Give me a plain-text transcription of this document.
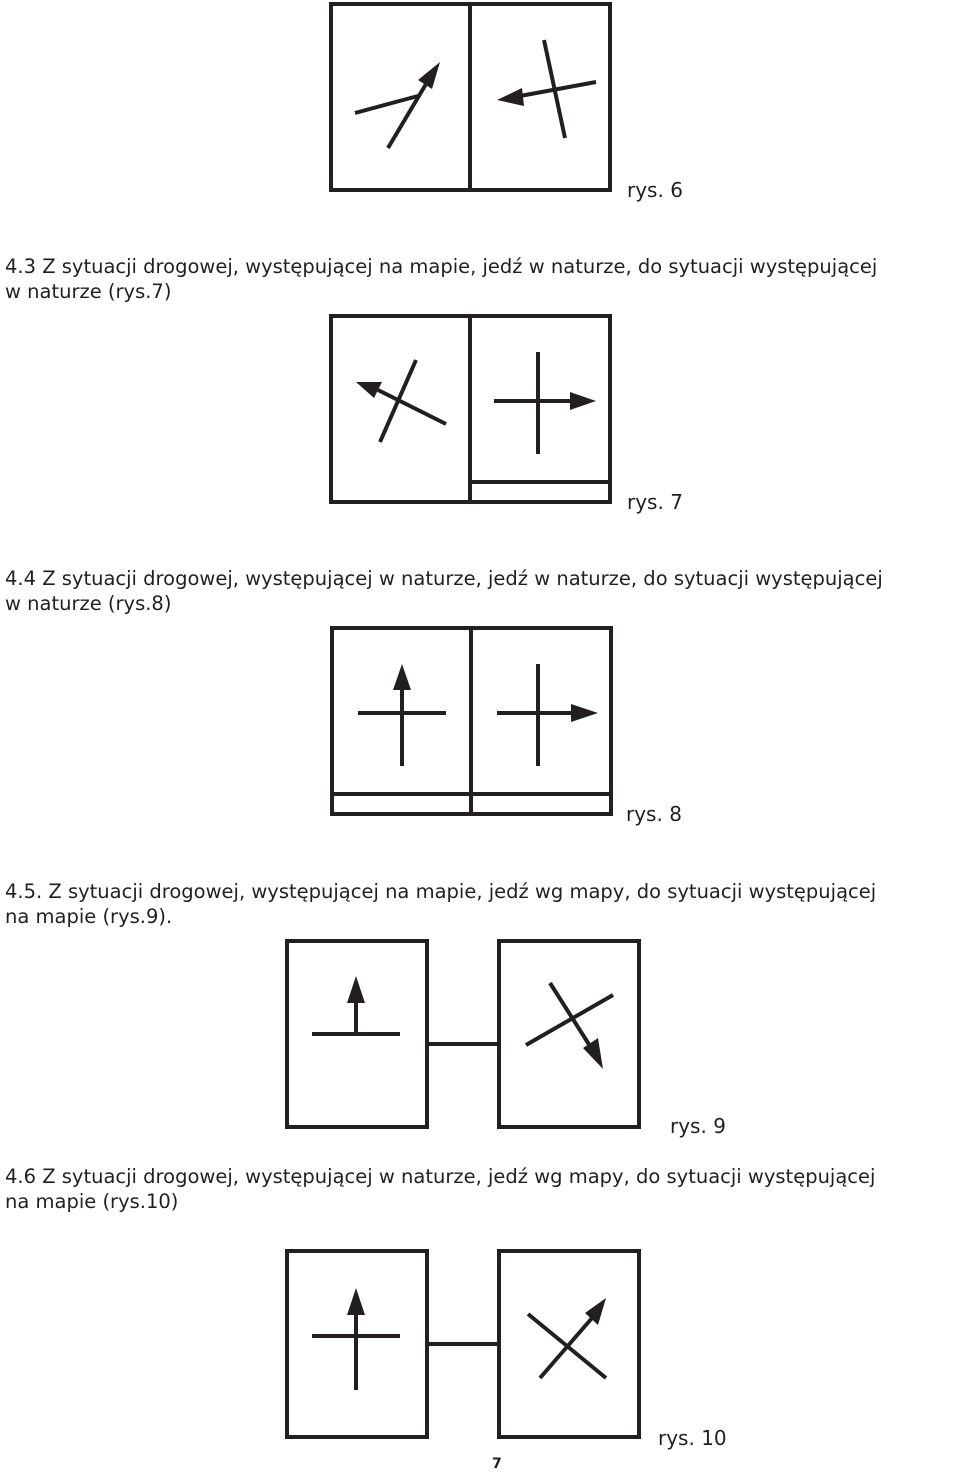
rys. 6
rys. 7
rys. 8
rys. 9
rys. 10
4.3 Z sytuacji drogowej, występującej na mapie, jedź w naturze, do sytuacji występującej
w naturze (rys.7)
4.4 Z sytuacji drogowej, występującej w naturze, jedź w naturze, do sytuacji występującej
w naturze (rys.8)
4.5. Z sytuacji drogowej, występującej na mapie, jedź wg mapy, do sytuacji występującej
na mapie (rys.9).
4.6 Z sytuacji drogowej, występującej w naturze, jedź wg mapy, do sytuacji występującej
na mapie (rys.10)
7
